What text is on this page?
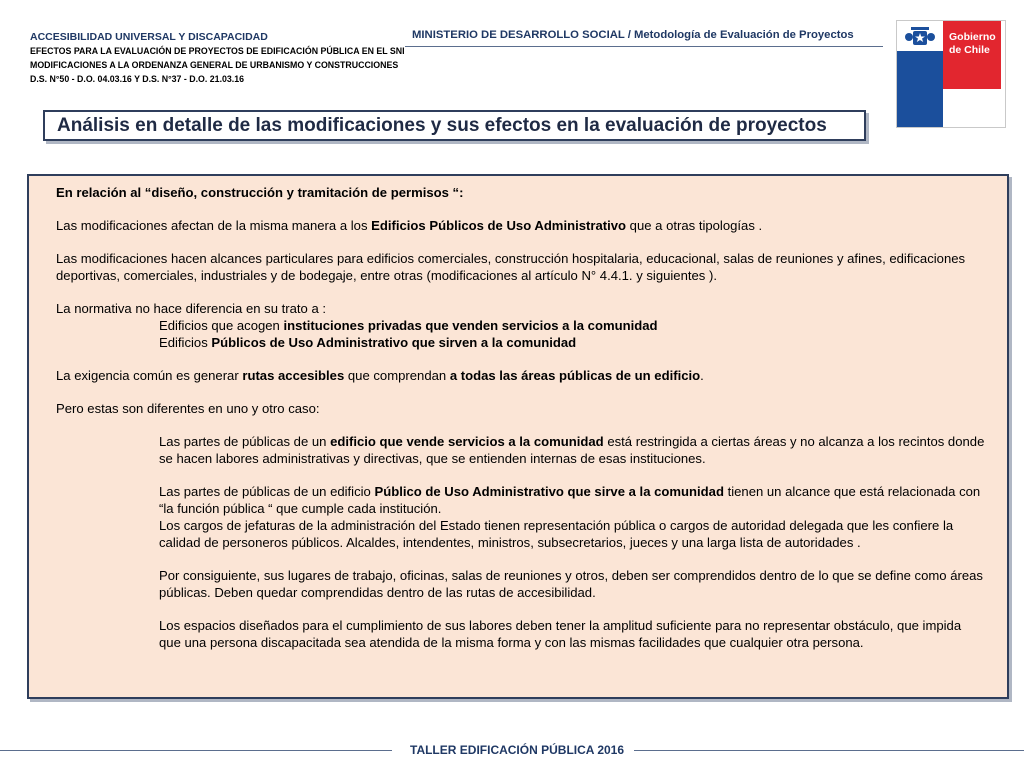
ACCESIBILIDAD UNIVERSAL Y DISCAPACIDAD
EFECTOS PARA LA EVALUACIÓN DE PROYECTOS DE EDIFICACIÓN PÚBLICA EN EL SNI
MODIFICACIONES A LA ORDENANZA GENERAL DE URBANISMO Y CONSTRUCCIONES
D.S. N°50 - D.O. 04.03.16 Y D.S. N°37 - D.O. 21.03.16
MINISTERIO DE DESARROLLO SOCIAL / Metodología de Evaluación de Proyectos	Gobierno
de Chile
Análisis en detalle de las modificaciones y sus efectos en la evaluación de proyectos

En relación al “diseño, construcción y tramitación de permisos “:

Las modificaciones afectan de la misma manera a los Edificios Públicos de Uso Administrativo que a otras tipologías .

Las modificaciones hacen alcances particulares para edificios comerciales, construcción hospitalaria, educacional, salas de reuniones y afines, edificaciones deportivas, comerciales, industriales y de bodegaje, entre otras (modificaciones al artículo N° 4.4.1. y siguientes ).

La normativa no hace diferencia en su trato a :

Edificios que acogen instituciones privadas que venden servicios a la comunidad

Edificios Públicos de Uso Administrativo que sirven a la comunidad

La exigencia común es generar rutas accesibles que comprendan a todas las áreas públicas de un edificio.

Pero estas son diferentes en uno y otro caso:

Las partes de públicas de un edificio que vende servicios a la comunidad está restringida a ciertas áreas y no alcanza a los recintos donde se hacen labores administrativas y directivas, que se entienden internas de esas instituciones.

Las partes de públicas de un edificio Público de Uso Administrativo que sirve a la comunidad tienen un alcance que está relacionada con “la función pública “ que cumple cada institución.

Los cargos de jefaturas de la administración del Estado tienen representación pública o cargos de autoridad delegada que les confiere la calidad de personeros públicos. Alcaldes, intendentes, ministros, subsecretarios, jueces y una larga lista de autoridades .

Por consiguiente, sus lugares de trabajo, oficinas, salas de reuniones y otros, deben ser comprendidos dentro de lo que se define como áreas públicas. Deben quedar comprendidas dentro de las rutas de accesibilidad.

Los espacios diseñados para el cumplimiento de sus labores deben tener la amplitud suficiente para no representar obstáculo, que impida que una persona discapacitada sea atendida de la misma forma y con las mismas facilidades que cualquier otra persona.

TALLER EDIFICACIÓN PÚBLICA 2016
